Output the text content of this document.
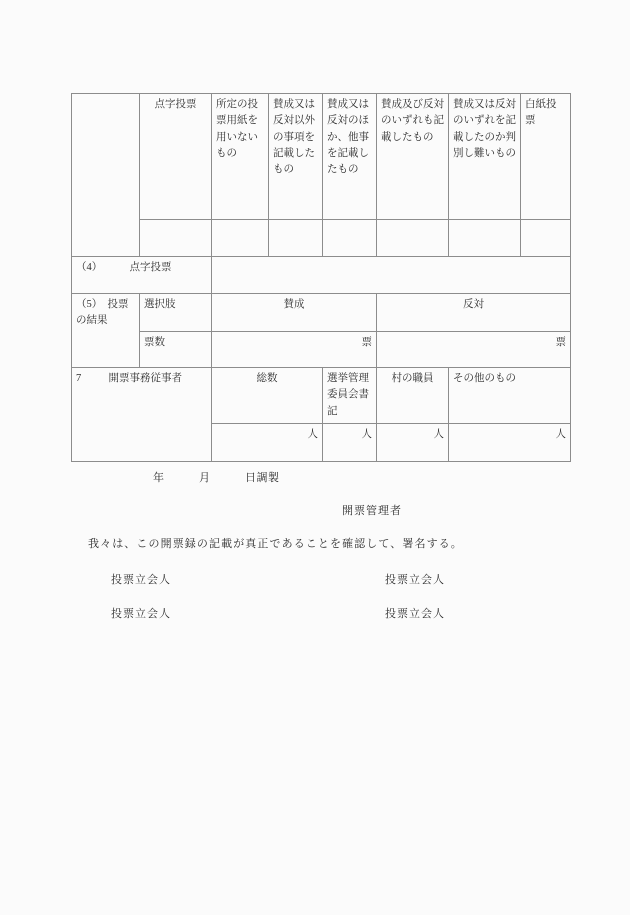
	点字投票	所定の投票用紙を用いないもの	賛成又は反対以外の事項を記載したもの	賛成又は反対のほか、他事を記載したもの	賛成及び反対のいずれも記載したもの	賛成又は反対のいずれを記載したのか判別し難いもの	白紙投票

（4） 点字投票							
（5）　投票
の結果	選択肢	賛成			反対		
	票数	票			票		
7 開票事務従事者		総数		選挙管理委員会書記	村の職員	その他のもの	
		人		人	人	人	
年　　　月　　　日調製
開票管理者
我々は、この開票録の記載が真正であることを確認して、署名する。
投票立会人	投票立会人
投票立会人	投票立会人
